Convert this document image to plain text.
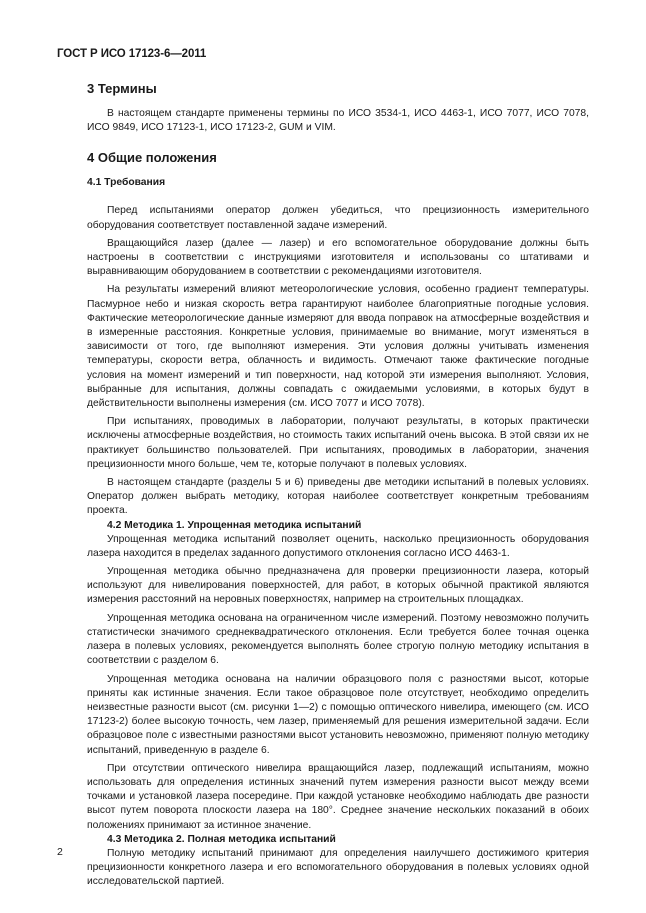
ГОСТ Р ИСО 17123-6—2011
3 Термины

В настоящем стандарте применены термины по ИСО 3534-1, ИСО 4463-1, ИСО 7077, ИСО 7078, ИСО 9849, ИСО 17123-1, ИСО 17123-2, GUM и VIM.

4 Общие положения
4.1 Требования

Перед испытаниями оператор должен убедиться, что прецизионность измерительного оборудования соответствует поставленной задаче измерений.

Вращающийся лазер (далее — лазер) и его вспомогательное оборудование должны быть настроены в соответствии с инструкциями изготовителя и использованы со штативами и выравнивающим оборудованием в соответствии с рекомендациями изготовителя.

На результаты измерений влияют метеорологические условия, особенно градиент температуры. Пасмурное небо и низкая скорость ветра гарантируют наиболее благоприятные погодные условия. Фактические метеорологические данные измеряют для ввода поправок на атмосферные воздействия и в измеренные расстояния. Конкретные условия, принимаемые во внимание, могут изменяться в зависимости от того, где выполняют измерения. Эти условия должны учитывать изменения температуры, скорости ветра, облачность и видимость. Отмечают также фактические погодные условия на момент измерений и тип поверхности, над которой эти измерения выполняют. Условия, выбранные для испытания, должны совпадать с ожидаемыми условиями, в которых будут в действительности выполнены измерения (см. ИСО 7077 и ИСО 7078).

При испытаниях, проводимых в лаборатории, получают результаты, в которых практически исключены атмосферные воздействия, но стоимость таких испытаний очень высока. В этой связи их не практикует большинство пользователей. При испытаниях, проводимых в лаборатории, значения прецизионности много больше, чем те, которые получают в полевых условиях.

В настоящем стандарте (разделы 5 и 6) приведены две методики испытаний в полевых условиях. Оператор должен выбрать методику, которая наиболее соответствует конкретным требованиям проекта.

4.2 Методика 1. Упрощенная методика испытаний

Упрощенная методика испытаний позволяет оценить, насколько прецизионность оборудования лазера находится в пределах заданного допустимого отклонения согласно ИСО 4463-1.

Упрощенная методика обычно предназначена для проверки прецизионности лазера, который используют для нивелирования поверхностей, для работ, в которых обычной практикой являются измерения расстояний на неровных поверхностях, например на строительных площадках.

Упрощенная методика основана на ограниченном числе измерений. Поэтому невозможно получить статистически значимого среднеквадратического отклонения. Если требуется более точная оценка лазера в полевых условиях, рекомендуется выполнять более строгую полную методику испытания в соответствии с разделом 6.

Упрощенная методика основана на наличии образцового поля с разностями высот, которые приняты как истинные значения. Если такое образцовое поле отсутствует, необходимо определить неизвестные разности высот (см. рисунки 1—2) с помощью оптического нивелира, имеющего (см. ИСО 17123-2) более высокую точность, чем лазер, применяемый для решения измерительной задачи. Если образцовое поле с известными разностями высот установить невозможно, применяют полную методику испытаний, приведенную в разделе 6.

При отсутствии оптического нивелира вращающийся лазер, подлежащий испытаниям, можно использовать для определения истинных значений путем измерения разности высот между всеми точками и установкой лазера посередине. При каждой установке необходимо наблюдать две разности высот путем поворота плоскости лазера на 180°. Среднее значение нескольких показаний в обоих положениях принимают за истинное значение.

4.3 Методика 2. Полная методика испытаний

Полную методику испытаний принимают для определения наилучшего достижимого критерия прецизионности конкретного лазера и его вспомогательного оборудования в полевых условиях одной исследовательской партией.

2
